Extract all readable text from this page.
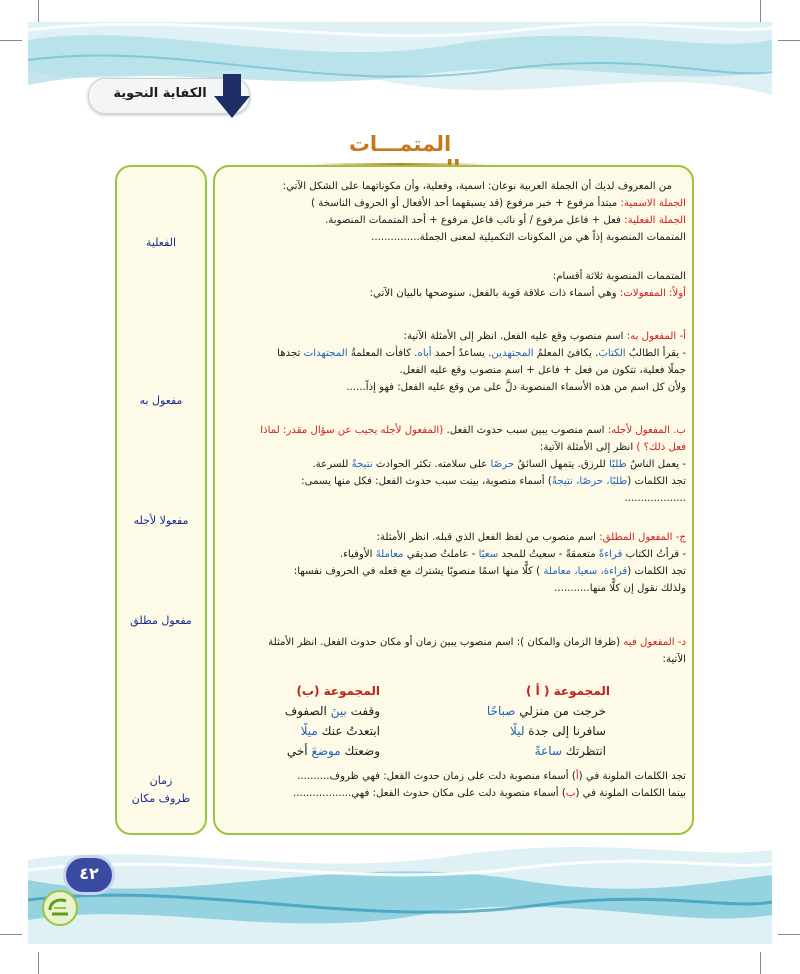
الكفاية النحوية
المتمـــات
الفعلية
مفعول به
مفعولا لأجله
مفعول مطلق
زمان
ظروف مكان
من المعروف لديك أن الجملة العربية نوعان: اسمية، وفعلية، وأن مكوناتهما على الشكل الآتي:
الجملة الاسمية: مبتدأ مرفوع + خبر مرفوع (قد يسبقهما أحد الأفعال أو الحروف الناسخة )
الجملة الفعلية: فعل + فاعل مرفوع / أو نائب فاعل مرفوع + أحد المتممات المنصوبة.
المتممات المنصوبة إذاً هي من المكونات التكميلية لمعنى الجملة...............
المتممات المنصوبة ثلاثة أقسام:
أولاً: المفعولات: وهي أسماء ذات علاقة قوية بالفعل، سنوضحها بالبيان الآتي:
أ- المفعول به: اسم منصوب وقع عليه الفعل. انظر إلى الأمثلة الآتية:
- يقرأ الطالبُ الكتابَ. يكافئ المعلمُ المجتهدين. يساعدُ أحمد أباه. كافأت المعلمةُ المجتهدات تجدها
جملًا فعلية، تتكون من فعل + فاعل + اسم منصوب وقع عليه الفعل.
ولأن كل اسم من هذه الأسماء المنصوبة دلَّ على من وقع عليه الفعل: فهو إذاً......
ب. المفعول لأجله: اسم منصوب يبين سبب حدوث الفعل. (المفعول لأجله يجيب عن سؤال مقدر: لماذا
فعل ذلك؟ ) انظر إلى الأمثلة الآتية:
- يعمل الناسُ طلبًا للرزق. يتمهل السائقُ حرصًا على سلامته. تكثر الحوادث نتيجةً للسرعة.
تجد الكلمات (طلبًا، حرصًا، نتيجةً) أسماء منصوبة، بينت سبب حدوث الفعل: فكل منها يسمى:
...................
ج- المفعول المطلق: اسم منصوب من لفظ الفعل الذي قبله. انظر الأمثلة:
- قرأتُ الكتاب قراءةً متعمقةً - سعيتُ للمجد سعيًا - عاملتُ صديقي معاملةَ الأوفياء.
تجد الكلمات (قراءة، سعيا، معاملة ) كلًّا منها اسمًا منصوبًا يشترك مع فعله في الحروف نفسها:
ولذلك نقول إن كلًّا منها...........
د- المفعول فيه (ظرفا الزمان والمكان ): اسم منصوب يبين زمان أو مكان حدوث الفعل. انظر الأمثلة
الآتية:
المجموعة ( أ )
المجموعة (ب)
خرجت من منزلي صباحًا
سافرنا إلى جدة ليلًا
انتظرتك ساعةً
وقفت بينَ الصفوف
ابتعدتُ عنك ميلًا
وضعتك موضعَ أخي
تجد الكلمات الملونة في (أ) أسماء منصوبة دلت على زمان حدوث الفعل: فهي ظروف..........
بينما الكلمات الملونة في (ب) أسماء منصوبة دلت على مكان حدوث الفعل: فهي..................
٤٢
